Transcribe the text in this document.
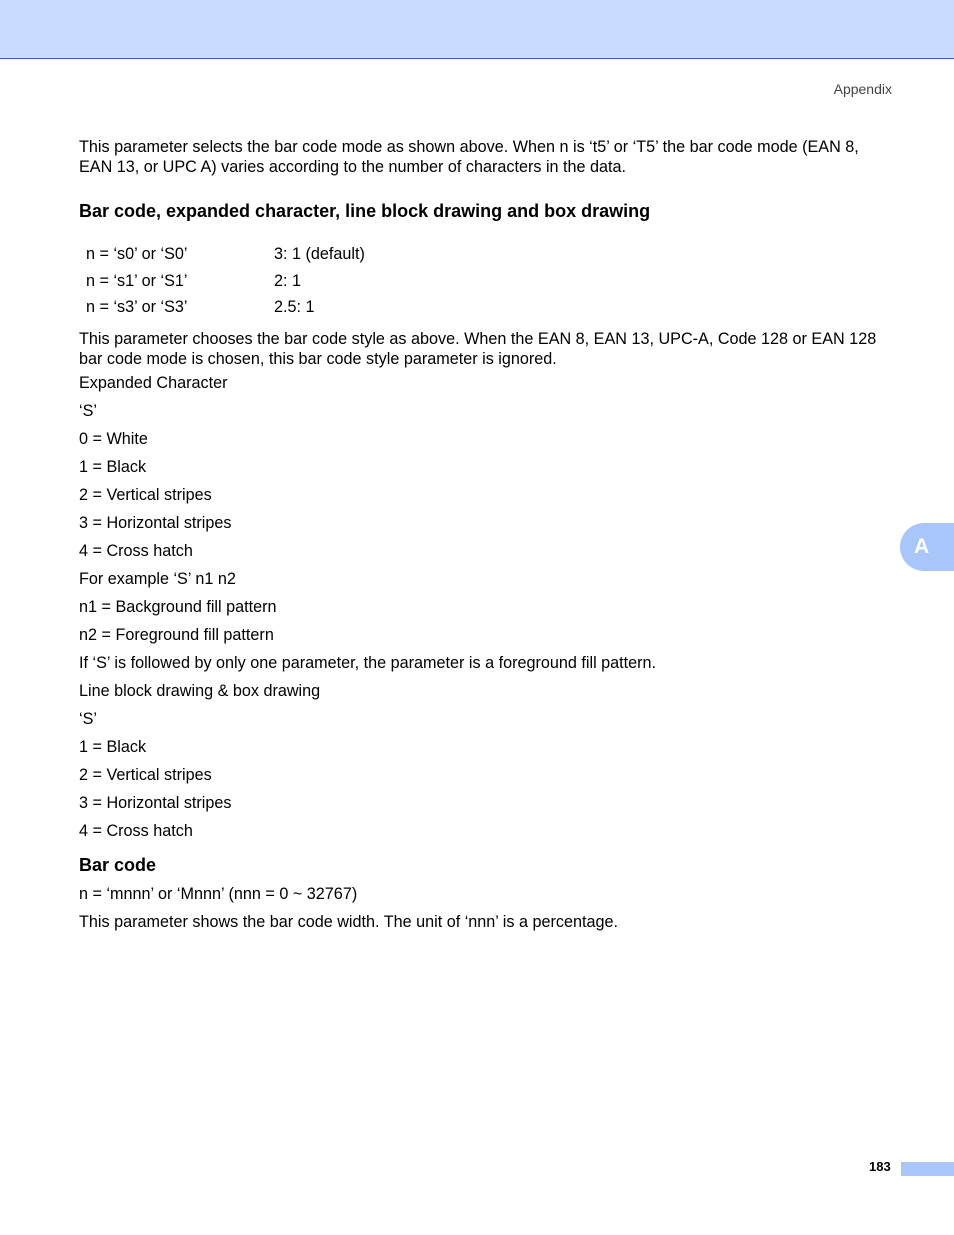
Appendix

This parameter selects the bar code mode as shown above. When n is ‘t5’ or ‘T5’ the bar code mode (EAN 8, EAN 13, or UPC A) varies according to the number of characters in the data.

Bar code, expanded character, line block drawing and box drawing
n = ‘s0’ or ‘S0’	3: 1 (default)
n = ‘s1’ or ‘S1’	2: 1
n = ‘s3’ or ‘S3’	2.5: 1

This parameter chooses the bar code style as above. When the EAN 8, EAN 13, UPC-A, Code 128 or EAN 128 bar code mode is chosen, this bar code style parameter is ignored.

Expanded Character
‘S’
0 = White
1 = Black
2 = Vertical stripes
3 = Horizontal stripes
4 = Cross hatch
For example ‘S’ n1 n2
n1 = Background fill pattern
n2 = Foreground fill pattern
If ‘S’ is followed by only one parameter, the parameter is a foreground fill pattern.
Line block drawing & box drawing
‘S’
1 = Black
2 = Vertical stripes
3 = Horizontal stripes
4 = Cross hatch
Bar code
n = ‘mnnn’ or ‘Mnnn’ (nnn = 0 ~ 32767)
This parameter shows the bar code width. The unit of ‘nnn’ is a percentage.
A
183
